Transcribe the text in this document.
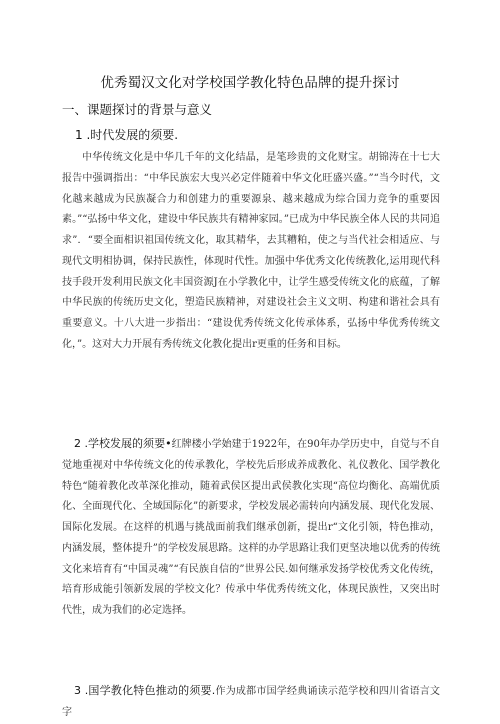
优秀蜀汉文化对学校国学教化特色品牌的提升探讨
一、课题探讨的背景与意义
1 .时代发展的须要.

中华传统文化是中华几千年的文化结晶，是笔珍贵的文化财宝。胡锦涛在十七大报告中强调指出：“中华民族宏大曳兴必定伴随着中华文化旺盛兴盛。”“当今时代，文化越来越成为民族凝合力和创建力的重要源泉、越来越成为综合国力竞争的重要因素。”“弘扬中华文化，建设中华民族共有精神家园。”已成为中华民族全体人民的共同追求”．“要全面相识祖国传统文化，取其精华，去其糟粕，使之与当代社会相适应、与现代文明相协调，保持民族性，体现时代性。加强中华优秀文化传统教化,运用现代科技手段开发利用民族文化丰国资源J在小学教化中，让学生感受传统文化的底蕴，了解中华民族的传统历史文化，塑造民族精神，对建设社会主义文明、构建和谐社会具有重要意义。十八大进一步指出：“建设优秀传统文化传承体系，弘扬中华优秀传统文化，”。这对大力开展有秀传统文化教化提出r更重的任务和目标。

2 .学校发展的须要•红牌楼小学始建于1922年，在90年办学历史中，自觉与不自觉地重视对中华传统文化的传承教化，学校先后形成养成教化、礼仪教化、国学教化特色“随着教化改革深化推动，随着武侯区提出武侯教化实现“高位均衡化、高端优质化、全面现代化、全域国际化”的新要求，学校发展必需转向内涵发展、现代化发展、国际化发展。在这样的机遇与挑战面前我们继承创新，提出r“文化引领，特色推动，内涵发展，整体提升”的学校发展思路。这样的办学思路让我们更坚决地以优秀的传统文化来培育有“中国灵魂”“有民族自信的”世界公民.如何继承发扬学校优秀文化传统，培育形成能引领新发展的学校文化？传承中华优秀传统文化，体现民族性，又突出时代性，成为我们的必定选择。

3 .国学教化特色推动的须要.作为成都市国学经典诵读示范学校和四川省语言文字
